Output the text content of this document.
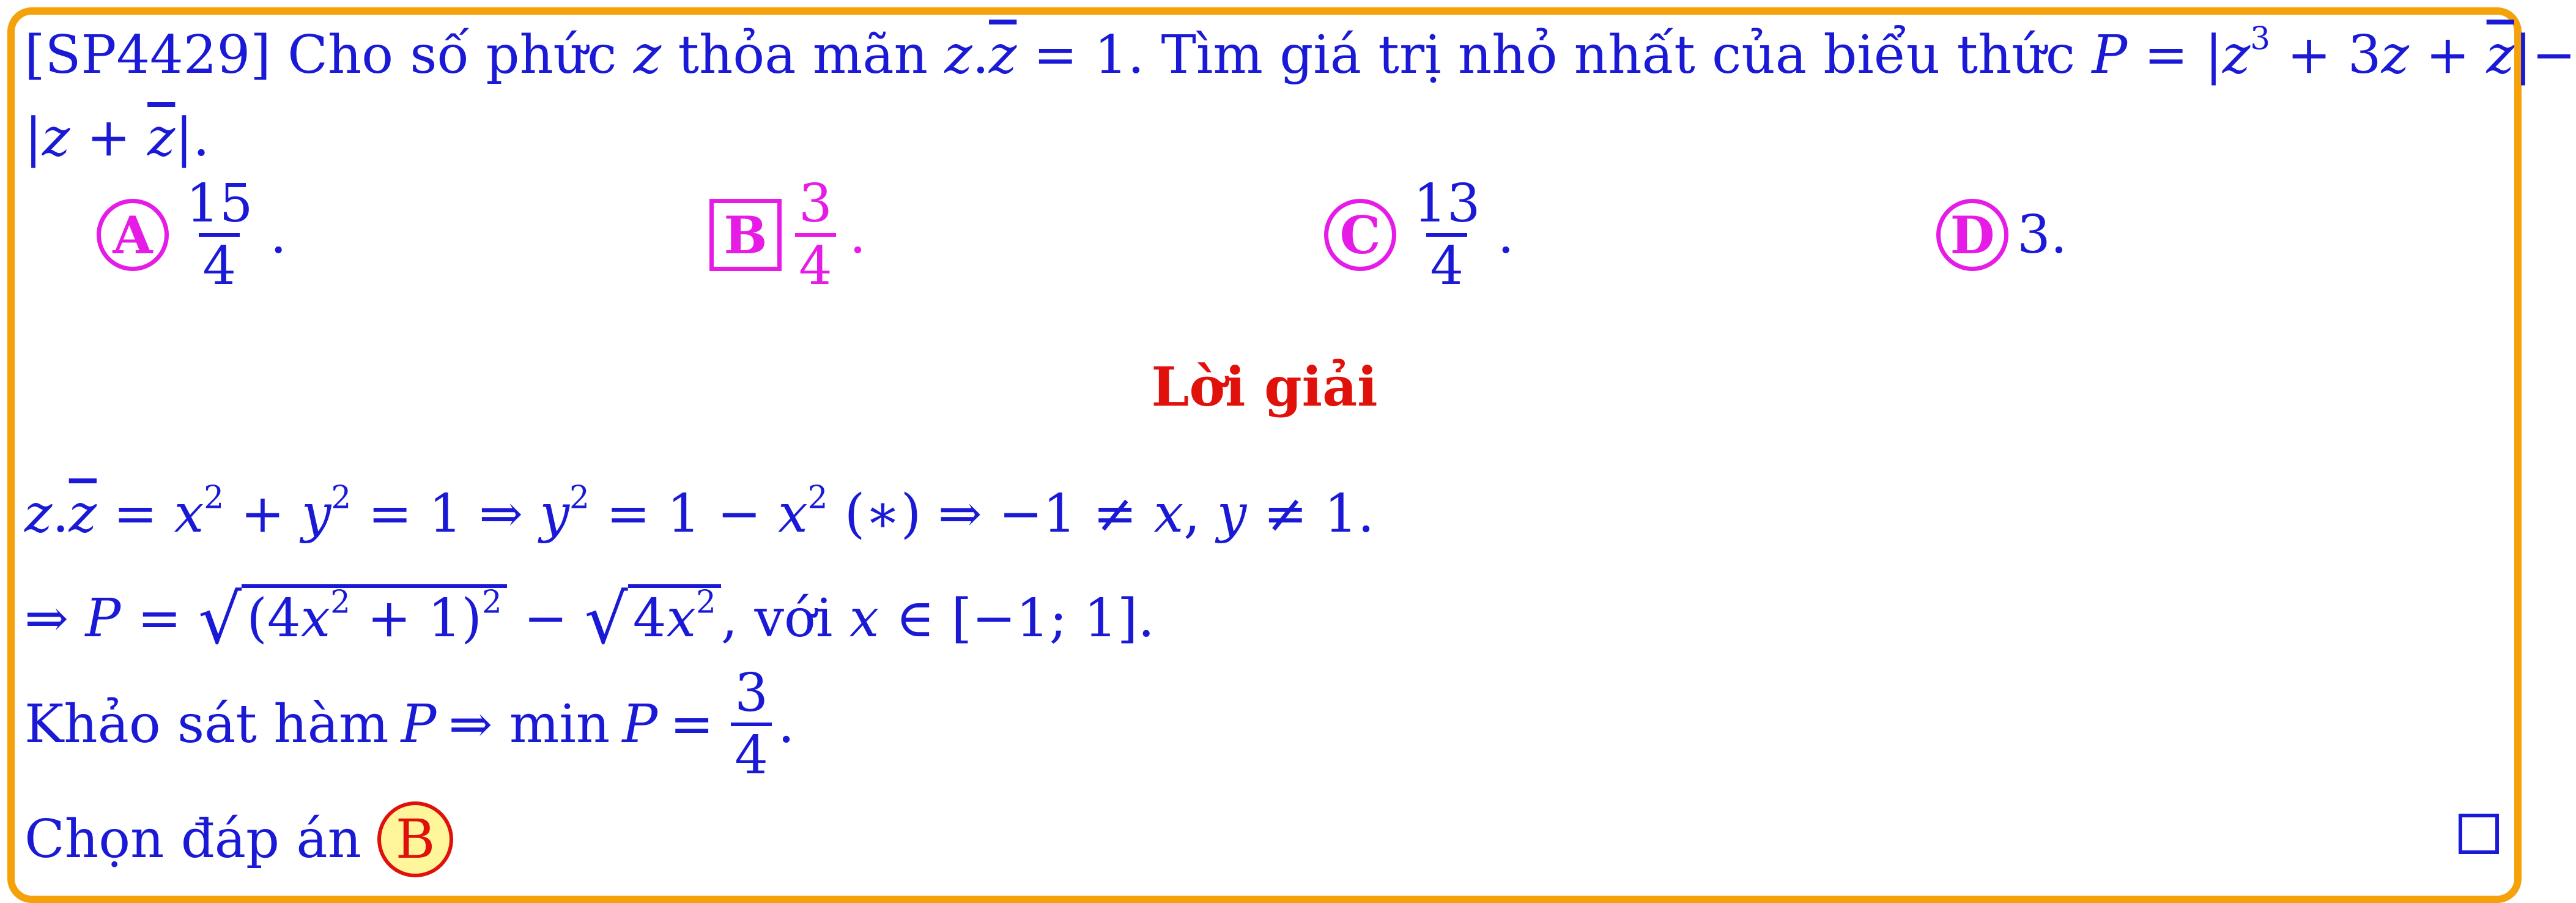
[SP4429] Cho số phức z thỏa mãn $z.\overline{z} = 1$. Tìm giá trị nhỏ nhất của biểu thức $P = |z^3 + 3z + \overline{z}|-$
$|z + \overline{z}|$.
A $\frac{15}{4}$ .	B $\frac{3}{4}$ .	C $\frac{13}{4}$ .	D 3.
Lời giải
$z.\overline{z} = x^2 + y^2 = 1$ ⇒ $y^2 = 1 - x^2$ (∗) ⇒ −1 ≠ x, y ≠ 1.
⇒ $P = √(4x^2 + 1)^2 - √4x^2$, với x ∈ [−1; 1].
Khảo sát hàm P ⇒ $\min P = \frac{3}{4}$ .
Chọn đáp án B
